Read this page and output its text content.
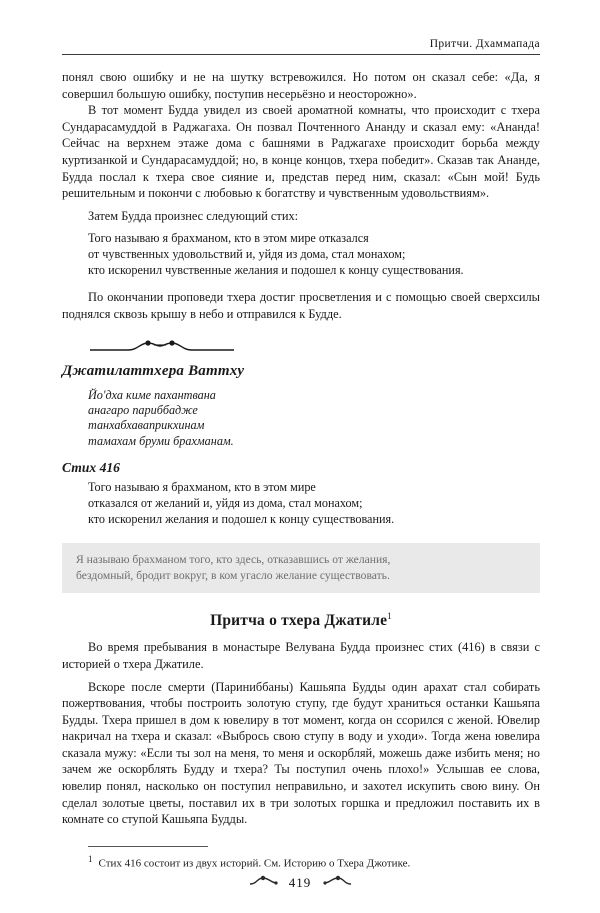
Притчи. Дхаммапада

понял свою ошибку и не на шутку встревожился. Но потом он сказал себе: «Да, я совершил большую ошибку, поступив несерьёзно и неосторожно».

В тот момент Будда увидел из своей ароматной комнаты, что происходит с тхера Сундарасамуддой в Раджагаха. Он позвал Почтенного Ананду и сказал ему: «Ананда! Сейчас на верхнем этаже дома с башнями в Раджагахе происходит борьба между куртизанкой и Сундарасамуддой; но, в конце концов, тхера победит». Сказав так Ананде, Будда послал к тхера свое сияние и, представ перед ним, сказал: «Сын мой! Будь решительным и покончи с любовью к богатству и чувственным удовольствиям».

Затем Будда произнес следующий стих:

Того называю я брахманом, кто в этом мире отказался
от чувственных удовольствий и, уйдя из дома, стал монахом;
кто искоренил чувственные желания и подошел к концу существования.

По окончании проповеди тхера достиг просветления и с помощью своей сверхсилы поднялся сквозь крышу в небо и отправился к Будде.

Джатилаттхера Ваттху
Йо'дха киме пахантвана
анагаро париббадже
танхабхаваприкхинам
тамахам бруми брахманам.
Стих 416
Того называю я брахманом, кто в этом мире
отказался от желаний и, уйдя из дома, стал монахом;
кто искоренил желания и подошел к концу существования.
Я называю брахманом того, кто здесь, отказавшись от желания,
бездомный, бродит вокруг, в ком угасло желание существовать.
Притча о тхера Джатиле$^1$

Во время пребывания в монастыре Велувана Будда произнес стих (416) в связи с историей о тхера Джатиле.

Вскоре после смерти (Париниббаны) Кашьяпа Будды один арахат стал собирать пожертвования, чтобы построить золотую ступу, где будут храниться останки Кашьяпа Будды. Тхера пришел в дом к ювелиру в тот момент, когда он ссорился с женой. Ювелир накричал на тхера и сказал: «Выбрось свою ступу в воду и уходи». Тогда жена ювелира сказала мужу: «Если ты зол на меня, то меня и оскорбляй, можешь даже избить меня; но зачем же оскорблять Будду и тхера? Ты поступил очень плохо!» Услышав ее слова, ювелир понял, насколько он поступил неправильно, и захотел искупить свою вину. Он сделал золотые цветы, поставил их в три золотых горшка и предложил поставить их в комнате со ступой Кашьяпа Будды.

$^1$ Стих 416 состоит из двух историй. См. Историю о Тхера Джотике.

419
